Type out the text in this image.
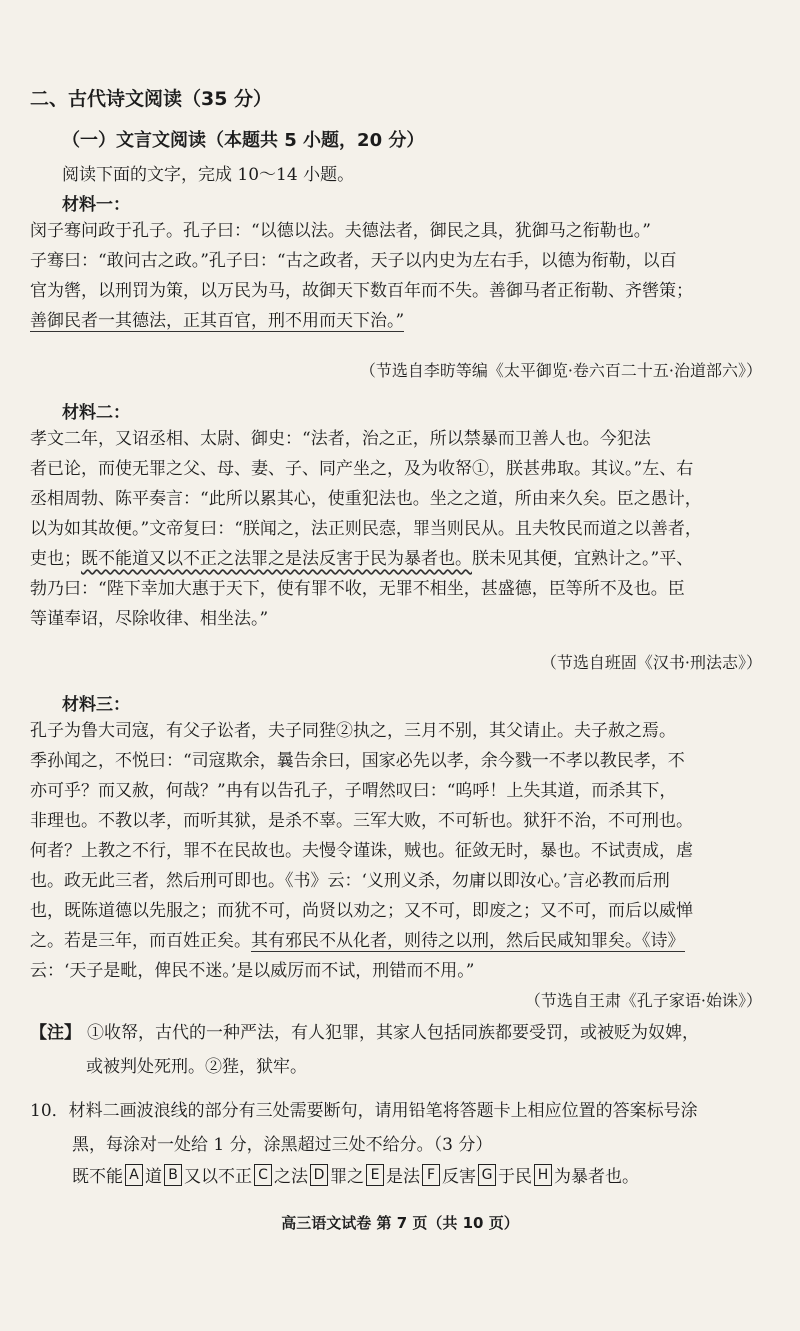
二、古代诗文阅读（35 分）
（一）文言文阅读（本题共 5 小题，20 分）
阅读下面的文字，完成 10～14 小题。
材料一：
闵子骞问政于孔子。孔子曰：“以德以法。夫德法者，御民之具，犹御马之衔勒也。”
子骞曰：“敢问古之政。”孔子曰：“古之政者，天子以内史为左右手，以德为衔勒，以百
官为辔，以刑罚为策，以万民为马，故御天下数百年而不失。善御马者正衔勒、齐辔策；
善御民者一其德法，正其百官，刑不用而天下治。”
（节选自李昉等编《太平御览·卷六百二十五·治道部六》）
材料二：
孝文二年，又诏丞相、太尉、御史：“法者，治之正，所以禁暴而卫善人也。今犯法
者已论，而使无罪之父、母、妻、子、同产坐之，及为收帑①，朕甚弗取。其议。”左、右
丞相周勃、陈平奏言：“此所以累其心，使重犯法也。坐之之道，所由来久矣。臣之愚计，
以为如其故便。”文帝复曰：“朕闻之，法正则民悫，罪当则民从。且夫牧民而道之以善者，
吏也；既不能道又以不正之法罪之是法反害于民为暴者也。朕未见其便，宜熟计之。”平、
勃乃曰：“陛下幸加大惠于天下，使有罪不收，无罪不相坐，甚盛德，臣等所不及也。臣
等谨奉诏，尽除收律、相坐法。”
（节选自班固《汉书·刑法志》）
材料三：
孔子为鲁大司寇，有父子讼者，夫子同狴②执之，三月不别，其父请止。夫子赦之焉。
季孙闻之，不悦曰：“司寇欺余，曩告余曰，国家必先以孝，余今戮一不孝以教民孝，不
亦可乎？而又赦，何哉？”冉有以告孔子，子喟然叹曰：“呜呼！上失其道，而杀其下，
非理也。不教以孝，而听其狱，是杀不辜。三军大败，不可斩也。狱犴不治，不可刑也。
何者？上教之不行，罪不在民故也。夫慢令谨诛，贼也。征敛无时，暴也。不试责成，虐
也。政无此三者，然后刑可即也。《书》云：‘义刑义杀，勿庸以即汝心。’言必教而后刑
也，既陈道德以先服之；而犹不可，尚贤以劝之；又不可，即废之；又不可，而后以威惮
之。若是三年，而百姓正矣。其有邪民不从化者，则待之以刑，然后民咸知罪矣。《诗》
云：‘天子是毗，俾民不迷。’是以威厉而不试，刑错而不用。”
（节选自王肃《孔子家语·始诛》）
【注】 ①收帑，古代的一种严法，有人犯罪，其家人包括同族都要受罚，或被贬为奴婢，
或被判处死刑。②狴，狱牢。
10．材料二画波浪线的部分有三处需要断句，请用铅笔将答题卡上相应位置的答案标号涂
黑，每涂对一处给 1 分，涂黑超过三处不给分。（3 分）
既不能 A 道 B 又以不正 C 之法 D 罪之 E 是法 F 反害 G 于民 H 为暴者也。
高三语文试卷 第 7 页（共 10 页）
